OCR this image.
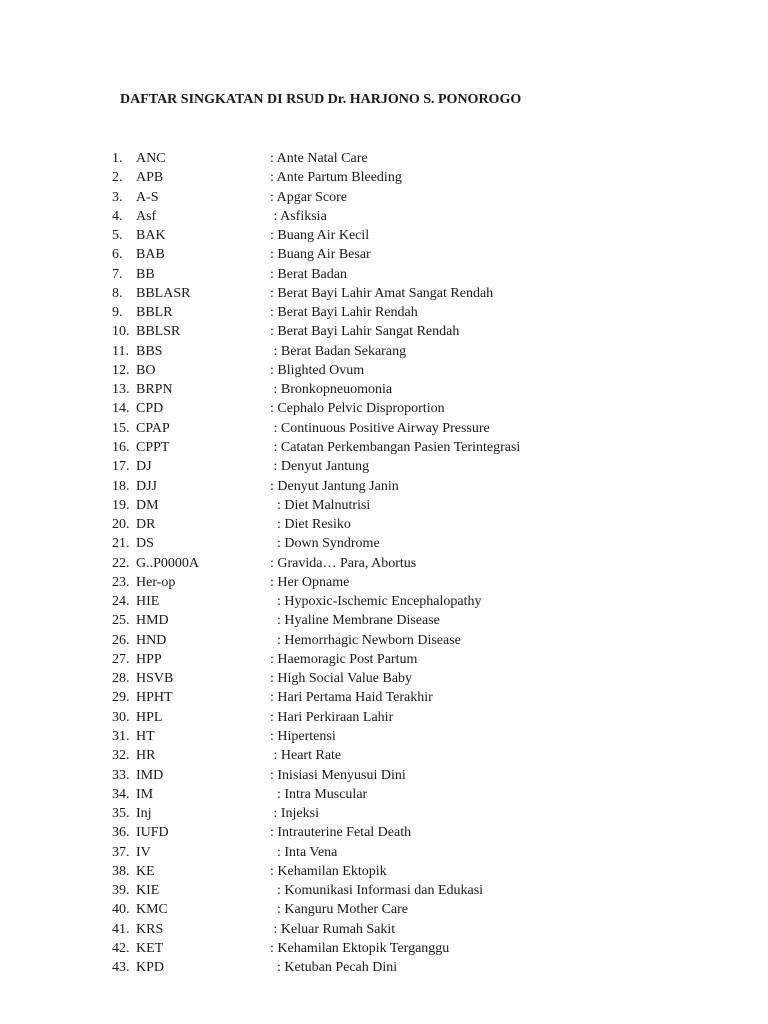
DAFTAR SINGKATAN DI RSUD Dr. HARJONO S. PONOROGO
1. ANC	: Ante Natal Care
2. APB	: Ante Partum Bleeding
3. A-S	: Apgar Score
4. Asf	: Asfiksia
5. BAK	: Buang Air Kecil
6. BAB	: Buang Air Besar
7. BB	: Berat Badan
8. BBLASR	: Berat Bayi Lahir Amat Sangat Rendah
9. BBLR	: Berat Bayi Lahir Rendah
10. BBLSR	: Berat Bayi Lahir Sangat Rendah
11. BBS	: Berat Badan Sekarang
12. BO	: Blighted Ovum
13. BRPN	: Bronkopneuomonia
14. CPD	: Cephalo Pelvic Disproportion
15. CPAP	: Continuous Positive Airway Pressure
16. CPPT	: Catatan Perkembangan Pasien Terintegrasi
17. DJ	: Denyut Jantung
18. DJJ	: Denyut Jantung Janin
19. DM	: Diet Malnutrisi
20. DR	: Diet Resiko
21. DS	: Down Syndrome
22. G..P0000A	: Gravida… Para, Abortus
23. Her-op	: Her Opname
24. HIE	: Hypoxic-Ischemic Encephalopathy
25. HMD	: Hyaline Membrane Disease
26. HND	: Hemorrhagic Newborn Disease
27. HPP	: Haemoragic Post Partum
28. HSVB	: High Social Value Baby
29. HPHT	: Hari Pertama Haid Terakhir
30. HPL	: Hari Perkiraan Lahir
31. HT	: Hipertensi
32. HR	: Heart Rate
33. IMD	: Inisiasi Menyusui Dini
34. IM	: Intra Muscular
35. Inj	: Injeksi
36. IUFD	: Intrauterine Fetal Death
37. IV	: Inta Vena
38. KE	: Kehamilan Ektopik
39. KIE	: Komunikasi Informasi dan Edukasi
40. KMC	: Kanguru Mother Care
41. KRS	: Keluar Rumah Sakit
42. KET	: Kehamilan Ektopik Terganggu
43. KPD	: Ketuban Pecah Dini
